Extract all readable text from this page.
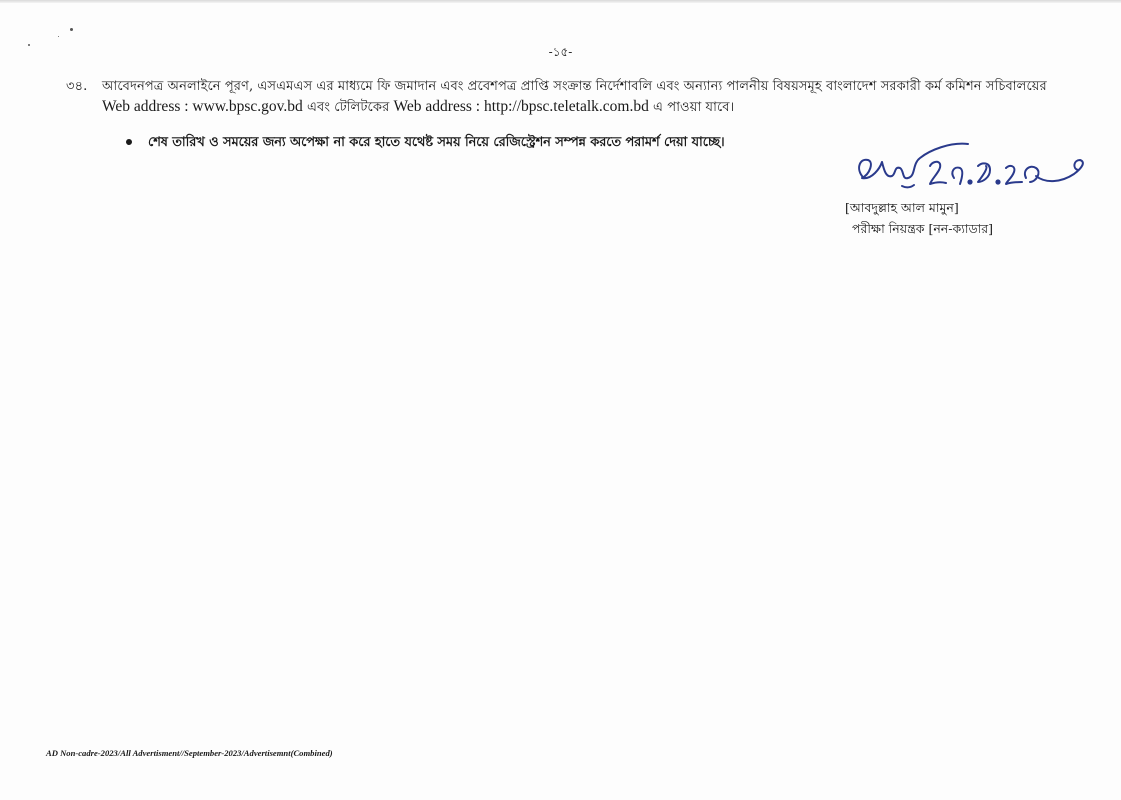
-১৫-
৩৪.	আবেদনপত্র অনলাইনে পূরণ, এসএমএস এর মাধ্যমে ফি জমাদান এবং প্রবেশপত্র প্রাপ্তি সংক্রান্ত নির্দেশাবলি এবং অন্যান্য পালনীয় বিষয়সমূহ বাংলাদেশ সরকারী কর্ম কমিশন সচিবালয়ের Web address : www.bpsc.gov.bd এবং টেলিটকের Web address : http://bpsc.teletalk.com.bd এ পাওয়া যাবে।
শেষ তারিখ ও সময়ের জন্য অপেক্ষা না করে হাতে যথেষ্ট সময় নিয়ে রেজিস্ট্রেশন সম্পন্ন করতে পরামর্শ দেয়া যাচ্ছে।
[আবদুল্লাহ আল মামুন]
পরীক্ষা নিয়ন্ত্রক [নন-ক্যাডার]
AD Non-cadre-2023/All Advertisment//September-2023/Advertisemnt(Combined)
